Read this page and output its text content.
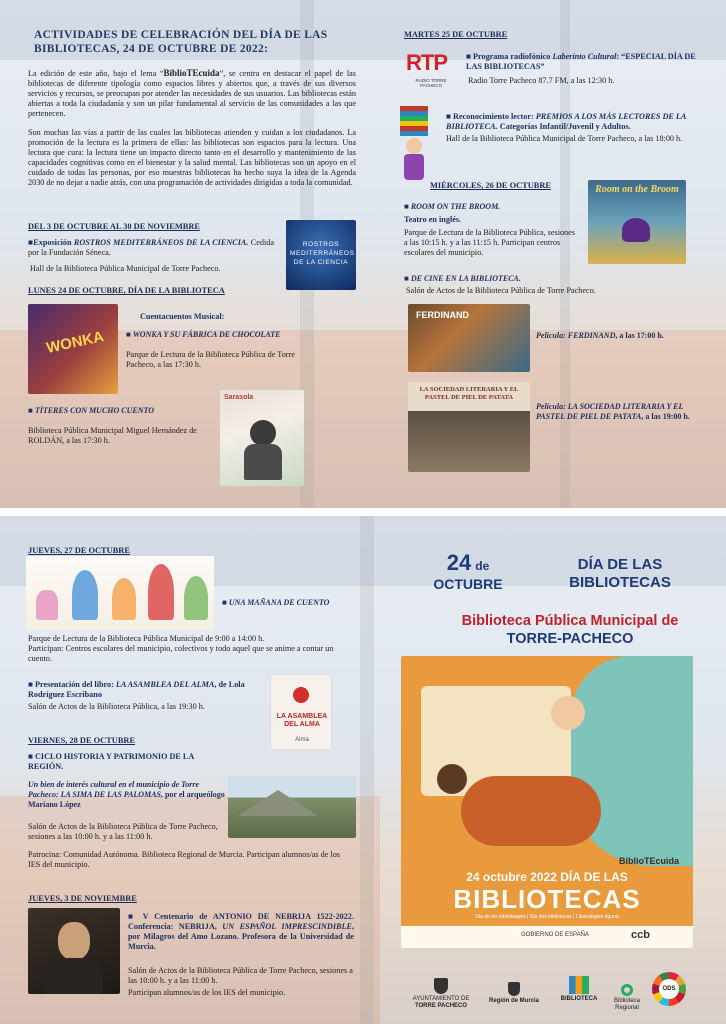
ACTIVIDADES DE CELEBRACIÓN DEL DÍA DE LAS BIBLIOTECAS, 24 DE OCTUBRE DE 2022:
La edición de este año, bajo el lema “BiblioTEcuida”, se centra en destacar el papel de las bibliotecas de diferente tipología como espacios libres y abiertos que, a través de sus diversos servicios y recursos, se preocupan por atender las necesidades de sus usuarios. Las bibliotecas están abiertas a toda la ciudadanía y son un pilar fundamental al servicio de las comunidades a las que pertenecen.
Son muchas las vías a partir de las cuales las bibliotecas atienden y cuidan a los ciudadanos. La promoción de la lectura es la primera de ellas: las bibliotecas son espacios para la lectura. Una lectura que cura: la lectura tiene un impacto directo tanto en el desarrollo y mantenimiento de las capacidades cognitivas como en el bienestar y la salud mental. Las bibliotecas son un apoyo en el cuidado de todas las personas, por eso muestras bibliotecas ha hecho suya la idea de la Agenda 2030 de no dejar a nadie atrás, con una programación de actividades dirigidas a toda la comunidad.
DEL 3 DE OCTUBRE AL 30 DE NOVIEMBRE
■Exposición ROSTROS MEDITERRÁNEOS DE LA CIENCIA. Cedida por la Fundación Séneca.
Hall de la Biblioteca Pública Municipal de Torre Pacheco.
ROSTROS MEDITERRÁNEOS DE LA CIENCIA
LUNES 24 DE OCTUBRE, DÍA DE LA BIBLIOTECA
WONKA
Cuentacuentos Musical:
■ WONKA Y SU FÁBRICA DE CHOCOLATE
Parque de Lectura de la Biblioteca Pública de Torre Pacheco, a las 17:30 h.
■ TÍTERES CON MUCHO CUENTO
Biblioteca Pública Municipal Miguel Hernández de ROLDÁN, a las 17:30 h.
Sarasola
MARTES 25 DE OCTUBRE
RTP
RADIO TORRE PACHECO
■ Programa radiofónico Laberinto Cultural: “ESPECIAL DÍA DE LAS BIBLIOTECAS”
Radio Torre Pacheco 87.7 FM, a las 12:30 h.
■ Reconocimiento lector: PREMIOS A LOS MÁS LECTORES DE LA BIBLIOTECA. Categorías Infantil/Juvenil y Adultos.
Hall de la Biblioteca Pública Municipal de Torre Pacheco, a las 18:00 h.
MIÉRCOLES, 26 DE OCTUBRE
■ ROOM ON THE BROOM.
Teatro en inglés.
Parque de Lectura de la Biblioteca Pública, sesiones a las 10:15 h. y a las 11:15 h. Participan centros escolares del municipio.
Room on the Broom
■ DE CINE EN LA BIBLIOTECA.
Salón de Actos de la Biblioteca Pública de Torre Pacheco.
FERDINAND
Película: FERDINAND, a las 17:00 h.
LA SOCIEDAD LITERARIA Y EL PASTEL DE PIEL DE PATATA
Película: LA SOCIEDAD LITERARIA Y EL PASTEL DE PIEL DE PATATA, a las 19:00 h.
JUEVES, 27 DE OCTUBRE
■ UNA MAÑANA DE CUENTO
Parque de Lectura de la Biblioteca Pública Municipal de 9:00 a 14:00 h.
Participan: Centros escolares del municipio, colectivos y todo aquel que se anime a contar un cuento.
■ Presentación del libro: LA ASAMBLEA DEL ALMA, de Lola Rodríguez Escribano
Salón de Actos de la Biblioteca Pública, a las 19:30 h.
LA ASAMBLEA DEL ALMA
Alma
VIERNES, 28 DE OCTUBRE
■ CICLO HISTORIA Y PATRIMONIO DE LA REGIÓN.
Un bien de interés cultural en el municipio de Torre Pacheco: LA SIMA DE LAS PALOMAS, por el arqueólogo Mariano López
Salón de Actos de la Biblioteca Pública de Torre Pacheco, sesiones a las 10:00 h. y a las 11:00 h.
Patrocina: Comunidad Autónoma. Biblioteca Regional de Murcia. Participan alumnos/as de los IES del municipio.
JUEVES, 3 DE NOVIEMBRE
■ V Centenario de ANTONIO DE NEBRIJA 1522-2022. Conferencia: NEBRIJA, UN ESPAÑOL IMPRESCINDIBLE, por Milagros del Amo Lozano. Profesora de la Universidad de Murcia.
Salón de Actos de la Biblioteca Pública de Torre Pacheco, sesiones a las 10:00 h. y a las 11:00 h.
Participan alumnos/as de los IES del municipio.
24 de
OCTUBRE
DÍA DE LAS BIBLIOTECAS
Biblioteca Pública Municipal de
TORRE-PACHECO
BiblioTEcuida
24 octubre 2022 DÍA DE LAS
BIBLIOTECAS
Dia de les biblioteques | Dia das bibliotecas | Liburutegien eguna
GOBIERNO DE ESPAÑA	ccb
AYUNTAMIENTO DE
TORRE PACHECO
Región de Murcia	BIBLIOTECA	Biblioteca Regional
ODS
